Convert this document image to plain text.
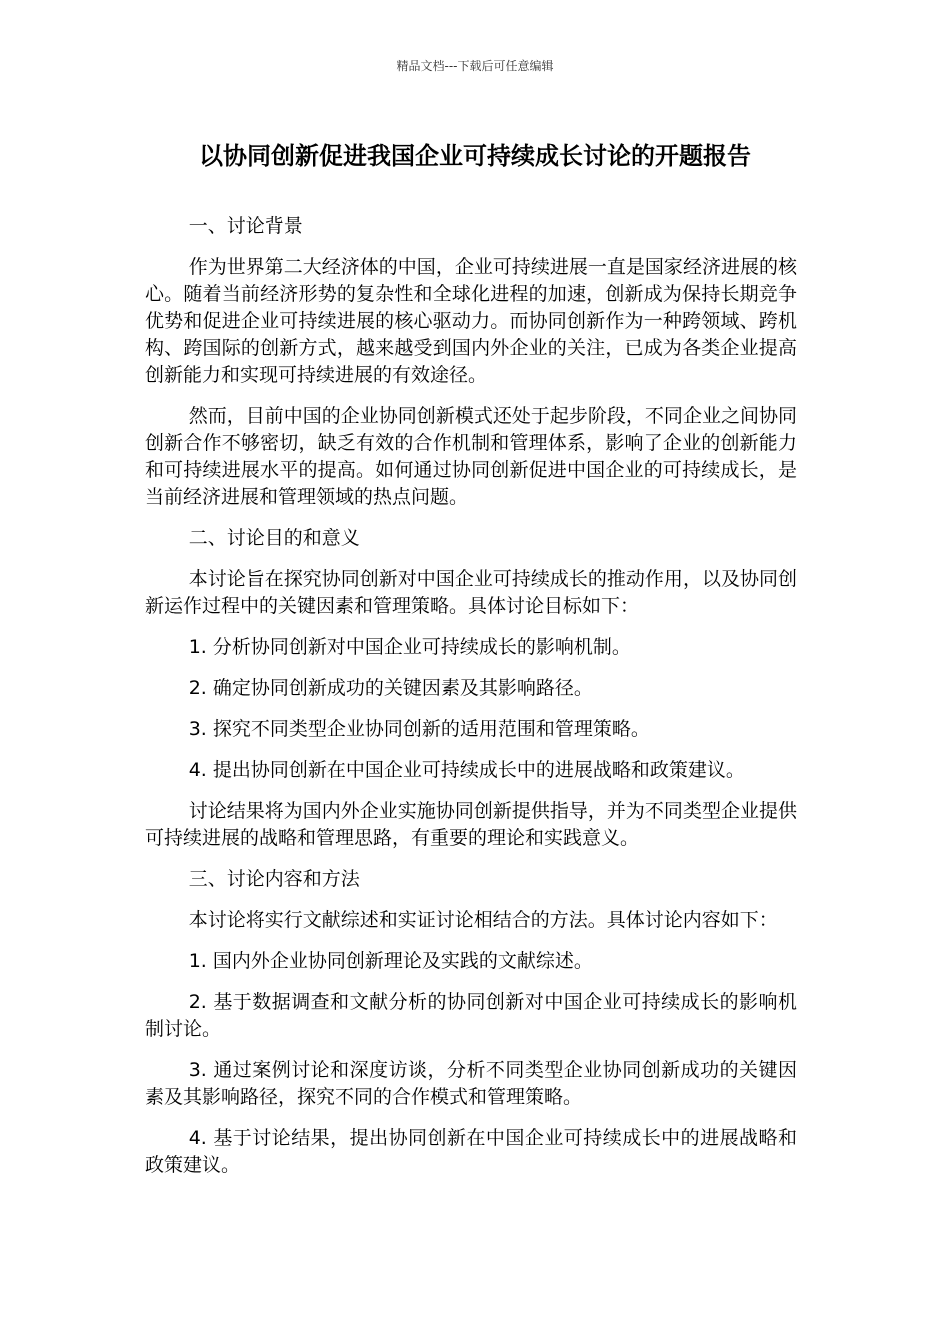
精品文档---下载后可任意编辑
以协同创新促进我国企业可持续成长讨论的开题报告

一、讨论背景

作为世界第二大经济体的中国，企业可持续进展一直是国家经济进展的核心。随着当前经济形势的复杂性和全球化进程的加速，创新成为保持长期竞争优势和促进企业可持续进展的核心驱动力。而协同创新作为一种跨领域、跨机构、跨国际的创新方式，越来越受到国内外企业的关注，已成为各类企业提高创新能力和实现可持续进展的有效途径。

然而，目前中国的企业协同创新模式还处于起步阶段，不同企业之间协同创新合作不够密切，缺乏有效的合作机制和管理体系，影响了企业的创新能力和可持续进展水平的提高。如何通过协同创新促进中国企业的可持续成长，是当前经济进展和管理领域的热点问题。

二、讨论目的和意义

本讨论旨在探究协同创新对中国企业可持续成长的推动作用，以及协同创新运作过程中的关键因素和管理策略。具体讨论目标如下：

1. 分析协同创新对中国企业可持续成长的影响机制。

2. 确定协同创新成功的关键因素及其影响路径。

3. 探究不同类型企业协同创新的适用范围和管理策略。

4. 提出协同创新在中国企业可持续成长中的进展战略和政策建议。

讨论结果将为国内外企业实施协同创新提供指导，并为不同类型企业提供可持续进展的战略和管理思路，有重要的理论和实践意义。

三、讨论内容和方法

本讨论将实行文献综述和实证讨论相结合的方法。具体讨论内容如下：

1. 国内外企业协同创新理论及实践的文献综述。

2. 基于数据调查和文献分析的协同创新对中国企业可持续成长的影响机制讨论。

3. 通过案例讨论和深度访谈，分析不同类型企业协同创新成功的关键因素及其影响路径，探究不同的合作模式和管理策略。

4. 基于讨论结果，提出协同创新在中国企业可持续成长中的进展战略和政策建议。
